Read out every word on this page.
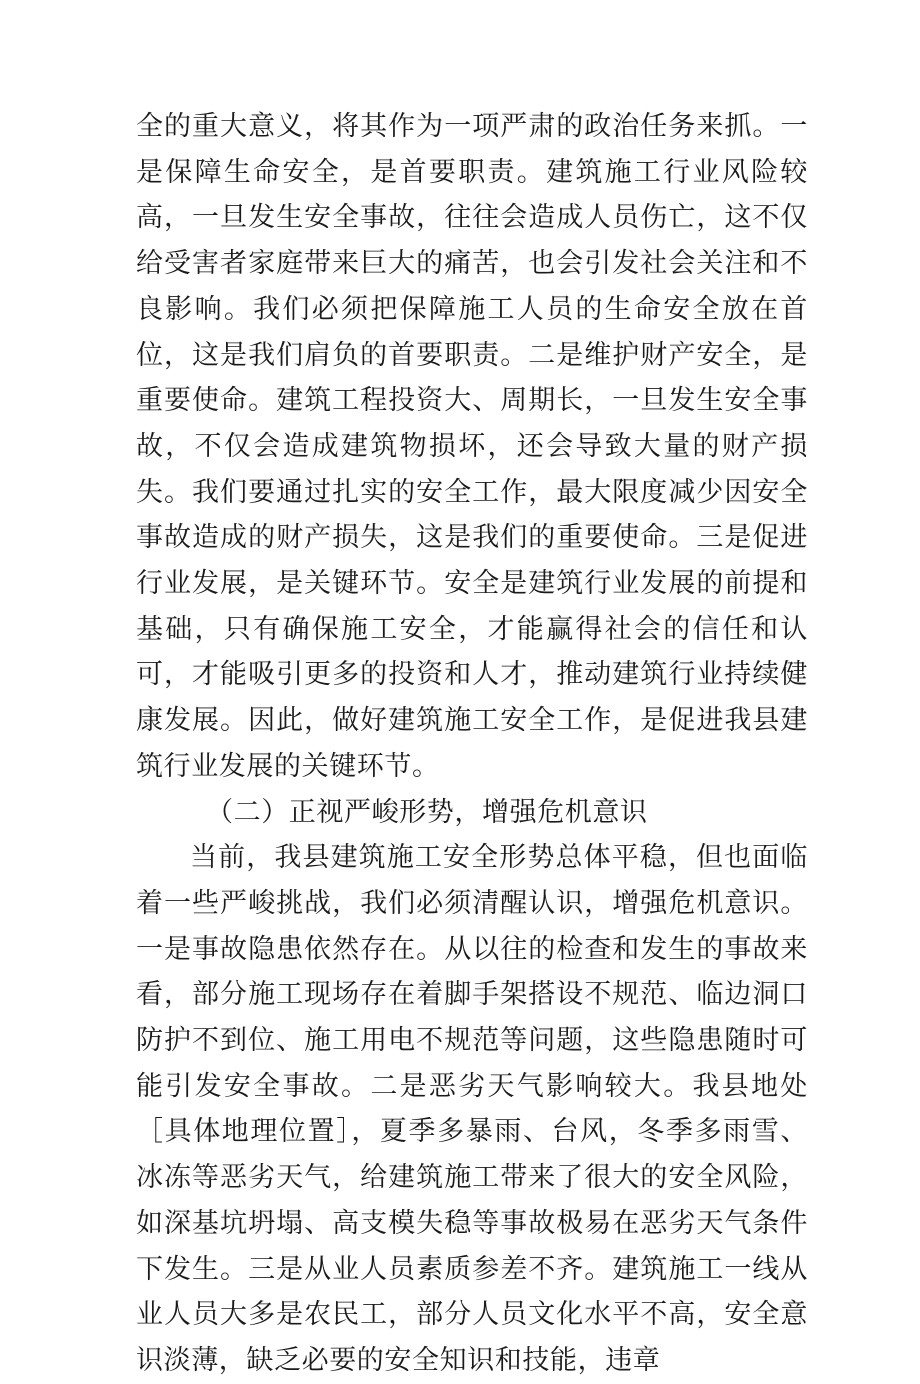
全的重大意义，将其作为一项严肃的政治任务来抓。一是保障生命安全，是首要职责。建筑施工行业风险较高，一旦发生安全事故，往往会造成人员伤亡，这不仅给受害者家庭带来巨大的痛苦，也会引发社会关注和不良影响。我们必须把保障施工人员的生命安全放在首位，这是我们肩负的首要职责。二是维护财产安全，是重要使命。建筑工程投资大、周期长，一旦发生安全事故，不仅会造成建筑物损坏，还会导致大量的财产损失。我们要通过扎实的安全工作，最大限度减少因安全事故造成的财产损失，这是我们的重要使命。三是促进行业发展，是关键环节。安全是建筑行业发展的前提和基础，只有确保施工安全，才能赢得社会的信任和认可，才能吸引更多的投资和人才，推动建筑行业持续健康发展。因此，做好建筑施工安全工作，是促进我县建筑行业发展的关键环节。

（二）正视严峻形势，增强危机意识

当前，我县建筑施工安全形势总体平稳，但也面临着一些严峻挑战，我们必须清醒认识，增强危机意识。一是事故隐患依然存在。从以往的检查和发生的事故来看，部分施工现场存在着脚手架搭设不规范、临边洞口防护不到位、施工用电不规范等问题，这些隐患随时可能引发安全事故。二是恶劣天气影响较大。我县地处［具体地理位置］，夏季多暴雨、台风，冬季多雨雪、冰冻等恶劣天气，给建筑施工带来了很大的安全风险，如深基坑坍塌、高支模失稳等事故极易在恶劣天气条件下发生。三是从业人员素质参差不齐。建筑施工一线从业人员大多是农民工，部分人员文化水平不高，安全意识淡薄，缺乏必要的安全知识和技能，违章
